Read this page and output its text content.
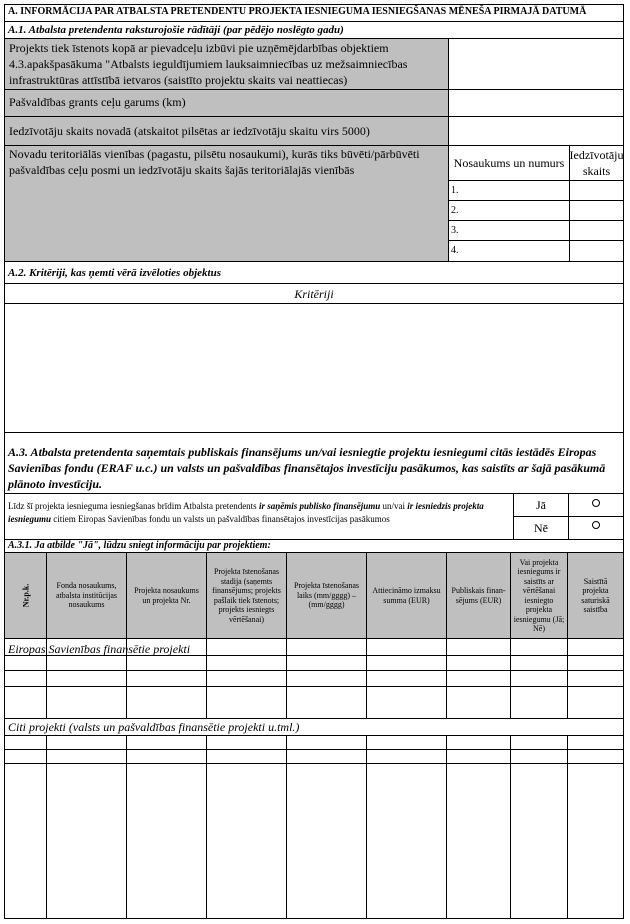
A. INFORMĀCIJA PAR ATBALSTA PRETENDENTU PROJEKTA IESNIEGUMA IESNIEGŠANAS MĒNEŠA PIRMAJĀ DATUMĀ
A.1. Atbalsta pretendenta raksturojošie rādītāji (par pēdējo noslēgto gadu)
Projekts tiek īstenots kopā ar pievadceļu izbūvi pie uzņēmējdarbības objektiem 4.3.apakšpasākuma "Atbalsts ieguldījumiem lauksaimniecības uz mežsaimniecības infrastruktūras attīstībā ietvaros (saistīto projektu skaits vai neattiecas)
Pašvaldības grants ceļu garums (km)
Iedzīvotāju skaits novadā (atskaitot pilsētas ar iedzīvotāju skaitu virs 5000)
Novadu teritoriālās vienības (pagastu, pilsētu nosaukumi), kurās tiks būvēti/pārbūvēti pašvaldības ceļu posmi un iedzīvotāju skaits šajās teritoriālajās vienībās	Nosaukums un numurs
Iedzīvotāju skaits
1.
2.
3.
4.
A.2. Kritēriji, kas ņemti vērā izvēloties objektus
Kritēriji
A.3. Atbalsta pretendenta saņemtais publiskais finansējums un/vai iesniegtie projektu iesniegumi citās iestādēs Eiropas Savienības fondu (ERAF u.c.) un valsts un pašvaldības finansētajos investīciju pasākumos, kas saistīts ar šajā pasākumā plānoto investīciju.
Līdz šī projekta iesnieguma iesniegšanas brīdim Atbalsta pretendents ir saņēmis publisko finansējumu un/vai ir iesniedzis projekta iesniegumu citiem Eiropas Savienības fondu un valsts un pašvaldības finansētajos investīcijas pasākumos
Jā
Nē
A.3.1. Ja atbilde "Jā", lūdzu sniegt informāciju par projektiem:
Nr.p.k.	Fonda nosaukums, atbalsta institūcijas nosaukums
Projekta nosaukums un projekta Nr.
Projekta īstenošanas stadija (saņemts finansējums; projekts pašlaik tiek īstenots; projekts iesniegts vērtēšanai)
Projekta īstenošanas laiks (mm/gggg) – (mm/gggg)
Attiecināmo izmaksu summa (EUR)
Publiskais finan-sējums (EUR)
Vai projekta iesniegums ir saistīts ar vērtēšanai iesniegto projekta iesniegumu (Jā; Nē)
Saistītā projekta saturiskā saistība
Eiropas Savienības finansētie projekti
Citi projekti (valsts un pašvaldības finansētie projekti u.tml.)
